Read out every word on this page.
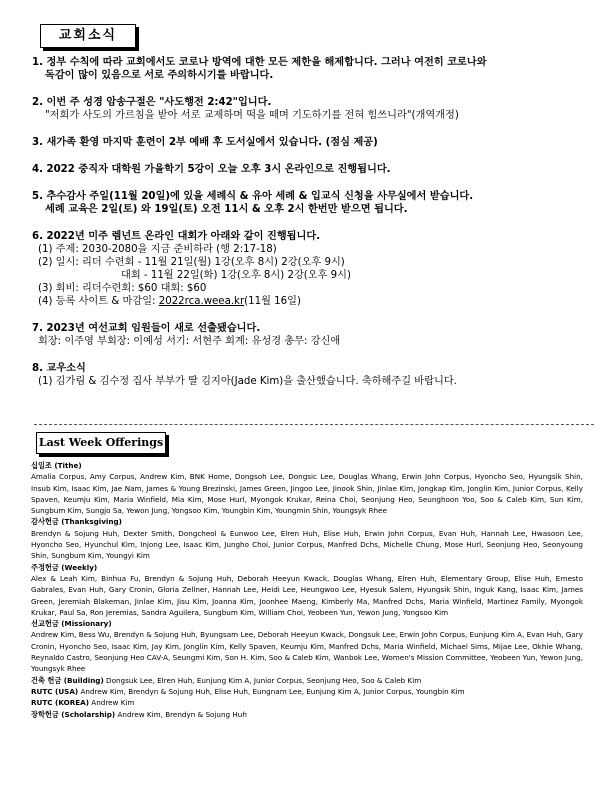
교회소식
1. 정부 수칙에 따라 교회에서도 코로나 방역에 대한 모든 제한을 해제합니다. 그러나 여전히 코로나와
독감이 많이 있음으로 서로 주의하시기를 바랍니다.
2. 이번 주 성경 암송구절은 "사도행전 2:42"입니다.
"저희가 사도의 가르침을 받아 서로 교제하며 떡을 떼며 기도하기를 전혀 힘쓰니라"(개역개정)
3. 새가족 환영 마지막 훈련이 2부 예배 후 도서실에서 있습니다. (점심 제공)
4. 2022 중직자 대학원 가을학기 5강이 오늘 오후 3시 온라인으로 진행됩니다.
5. 추수감사 주일(11월 20일)에 있을 세례식 & 유아 세례 & 입교식 신청을 사무실에서 받습니다.
세례 교육은 2일(토) 와 19일(토) 오전 11시 & 오후 2시 한번만 받으면 됩니다.
6. 2022년 미주 렘넌트 온라인 대회가 아래와 같이 진행됩니다.
(1) 주제: 2030-2080을 지금 준비하라 (행 2:17-18)
(2) 일시: 리더 수련회 - 11월 21일(월) 1강(오후 8시) 2강(오후 9시)
대회 - 11월 22일(화) 1강(오후 8시) 2강(오후 9시)
(3) 회비: 리더수련회: $60 대회: $60
(4) 등록 사이트 & 마감일: 2022rca.weea.kr(11월 16일)
7. 2023년 여선교회 임원들이 새로 선출됐습니다.
회장: 이주영 부회장: 이예성 서기: 서현주 회계: 유성경 총무: 강신애
8. 교우소식
(1) 김가림 & 김수정 집사 부부가 딸 김지아(Jade Kim)을 출산했습니다. 축하해주길 바랍니다.
Last Week Offerings
십일조 (Tithe)
Amalia Corpus, Amy Corpus, Andrew Kim, BNK Home, Dongsoh Lee, Dongsic Lee, Douglas Whang, Erwin John Corpus, Hyoncho Seo, Hyungsik Shin, Insub Kim, Isaac Kim, Jae Nam, James & Young Brezinski, James Green, Jingoo Lee, Jinook Shin, Jinlae Kim, Jongkap Kim, Jonglin Kim, Junior Corpus, Kelly Spaven, Keumju Kim, Maria Winfield, Mia Kim, Mose Hurl, Myongok Krukar, Reina Choi, Seonjung Heo, Seunghoon Yoo, Soo & Caleb Kim, Sun Kim, Sungbum Kim, Sungjo Sa, Yewon Jung, Yongsoo Kim, Youngbin Kim, Youngmin Shin, Youngsyk Rhee
감사헌금 (Thanksgiving)
Brendyn & Sojung Huh, Dexter Smith, Dongcheol & Eunwoo Lee, Elren Huh, Elise Huh, Erwin John Corpus, Evan Huh, Hannah Lee, Hwasoon Lee, Hyoncho Seo, Hyunchul Kim, Injong Lee, Isaac Kim, Jungho Choi, Junior Corpus, Manfred Dchs, Michelle Chung, Mose Hurl, Seonjung Heo, Seonyoung Shin, Sungbum Kim, Youngyi Kim
주정헌금 (Weekly)
Alex & Leah Kim, Binhua Fu, Brendyn & Sojung Huh, Deborah Heeyun Kwack, Douglas Whang, Elren Huh, Elementary Group, Elise Huh, Ernesto Gabrales, Evan Huh, Gary Cronin, Gloria Zellner, Hannah Lee, Heidi Lee, Heungwoo Lee, Hyesuk Salem, Hyungsik Shin, Inguk Kang, Isaac Kim, James Green, Jeremiah Blakeman, Jinlae Kim, Jisu Kim, Joanna Kim, Joonhee Maeng, Kimberly Ma, Manfred Dchs, Maria Winfield, Martinez Family, Myongok Krukar, Paul Sa, Ron Jeremias, Sandra Aguilera, Sungbum Kim, William Choi, Yeobeen Yun, Yewon Jung, Yongsoo Kim
선교헌금 (Missionary)
Andrew Kim, Bess Wu, Brendyn & Sojung Huh, Byungsam Lee, Deborah Heeyun Kwack, Dongsuk Lee, Erwin John Corpus, Eunjung Kim A, Evan Huh, Gary Cronin, Hyoncho Seo, Isaac Kim, Jay Kim, Jonglin Kim, Kelly Spaven, Keumju Kim, Manfred Dchs, Maria Winfield, Michael Sims, Mijae Lee, Okhie Whang, Reynaldo Castro, Seonjung Heo CAV-A, Seungmi Kim, Son H. Kim, Soo & Caleb Kim, Wanbok Lee, Women's Mission Committee, Yeobeen Yun, Yewon Jung, Youngsyk Rhee
건축 헌금 (Building) Dongsuk Lee, Elren Huh, Eunjung Kim A, Junior Corpus, Seonjung Heo, Soo & Caleb Kim
RUTC (USA) Andrew Kim, Brendyn & Sojung Huh, Elise Huh, Eungnam Lee, Eunjung Kim A, Junior Corpus, Youngbin Kim
RUTC (KOREA) Andrew Kim
장학헌금 (Scholarship) Andrew Kim, Brendyn & Sojung Huh
